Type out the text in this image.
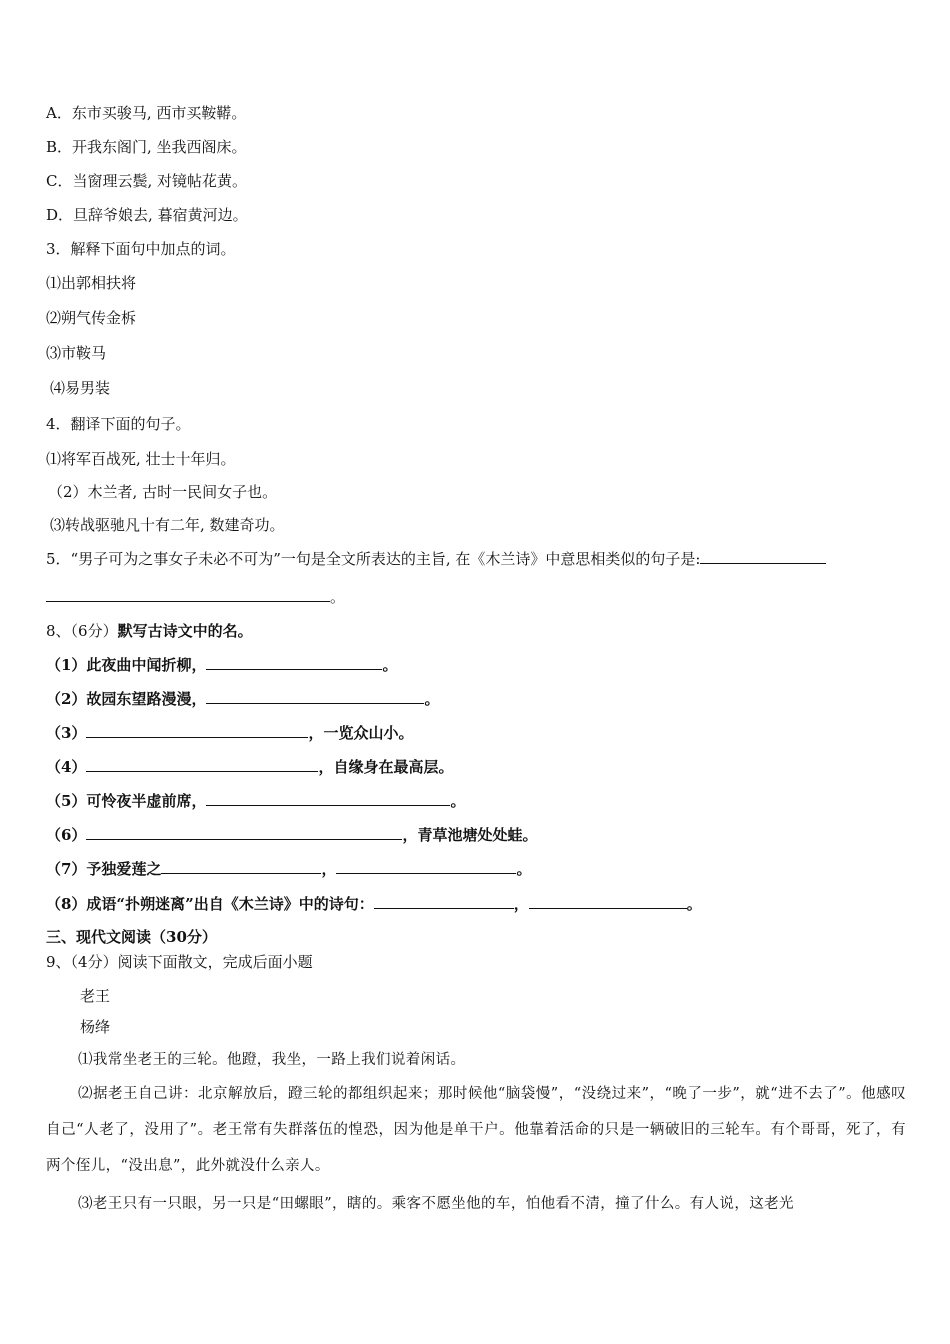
A．东市买骏马, 西市买鞍鞯。
B．开我东阁门, 坐我西阁床。
C．当窗理云鬓, 对镜帖花黄。
D．旦辞爷娘去, 暮宿黄河边。
3．解释下面句中加点的词。
⑴出郭相扶将
⑵朔气传金柝
⑶市鞍马
⑷易男装
4．翻译下面的句子。
⑴将军百战死, 壮士十年归。
（2）木兰者, 古时一民间女子也。
⑶转战驱驰凡十有二年, 数建奇功。
5．“男子可为之事女子未必不可为”一句是全文所表达的主旨, 在《木兰诗》中意思相类似的句子是:
。
8、（6分）默写古诗文中的名。
（1）此夜曲中闻折柳，	。
（2）故园东望路漫漫，	。
（3）	，一览众山小。
（4）	，自缘身在最高层。
（5）可怜夜半虚前席，	。
（6）	，青草池塘处处蛙。
（7）予独爱莲之	，	。
（8）成语“扑朔迷离”出自《木兰诗》中的诗句：	，	。
三、现代文阅读（30分）
9、（4分）阅读下面散文，完成后面小题
老王
杨绛
⑴我常坐老王的三轮。他蹬，我坐，一路上我们说着闲话。
⑵据老王自己讲：北京解放后，蹬三轮的都组织起来；那时候他“脑袋慢”，“没绕过来”，“晚了一步”，就“进不去了”。他感叹自己“人老了，没用了”。老王常有失群落伍的惶恐，因为他是单干户。他靠着活命的只是一辆破旧的三轮车。有个哥哥，死了，有两个侄儿，“没出息”，此外就没什么亲人。
⑶老王只有一只眼，另一只是“田螺眼”，瞎的。乘客不愿坐他的车，怕他看不清，撞了什么。有人说，这老光
